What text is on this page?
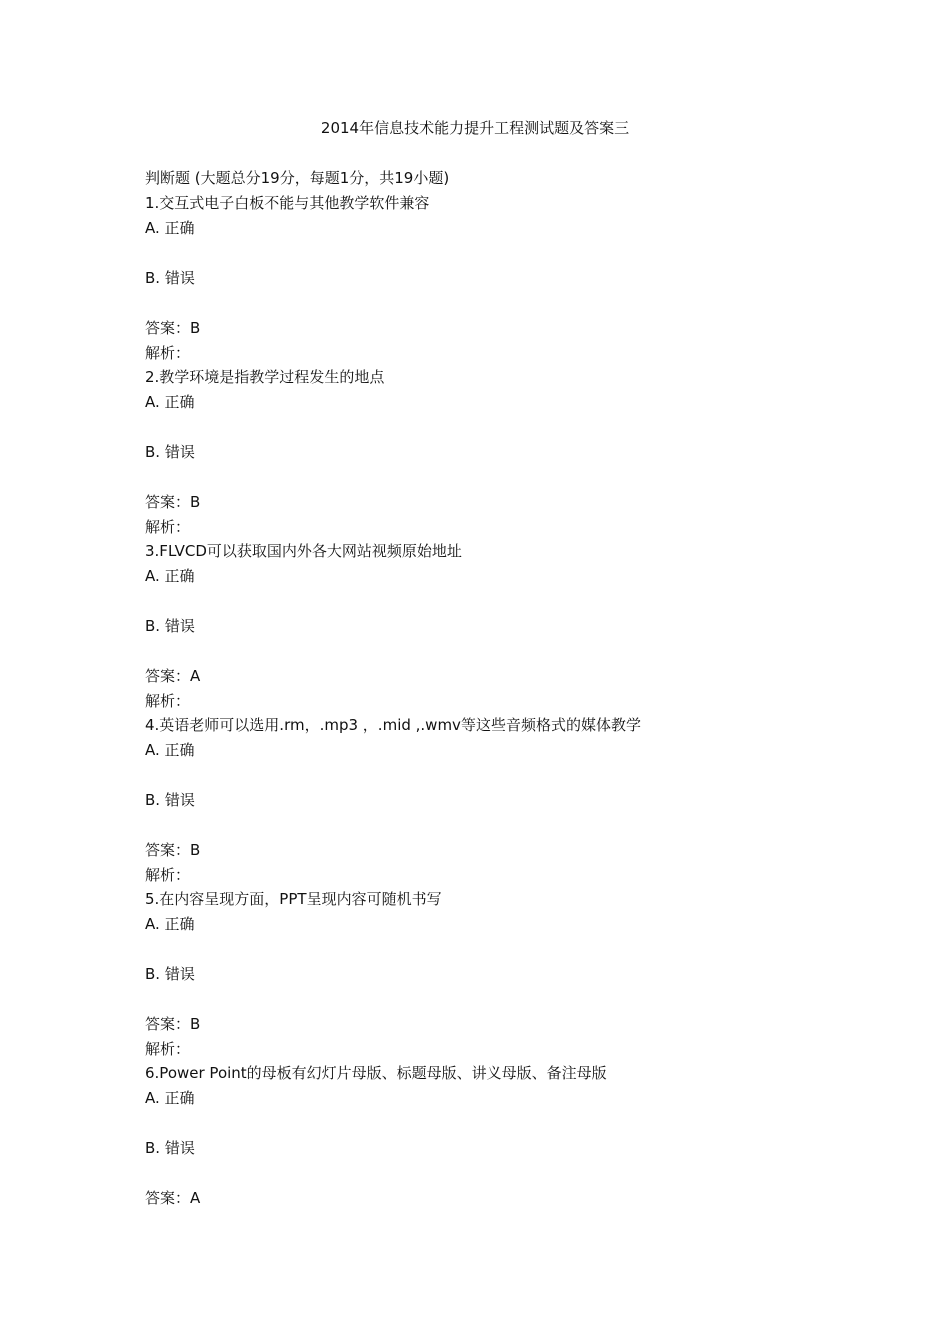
2014年信息技术能力提升工程测试题及答案三
判断题 (大题总分19分，每题1分，共19小题)
1.交互式电子白板不能与其他教学软件兼容
A. 正确
B. 错误
答案：B
解析：
2.教学环境是指教学过程发生的地点
A. 正确
B. 错误
答案：B
解析：
3.FLVCD可以获取国内外各大网站视频原始地址
A. 正确
B. 错误
答案：A
解析：
4.英语老师可以选用.rm，.mp3 ，.mid ,.wmv等这些音频格式的媒体教学
A. 正确
B. 错误
答案：B
解析：
5.在内容呈现方面，PPT呈现内容可随机书写
A. 正确
B. 错误
答案：B
解析：
6.Power Point的母板有幻灯片母版、标题母版、讲义母版、备注母版
A. 正确
B. 错误
答案：A
